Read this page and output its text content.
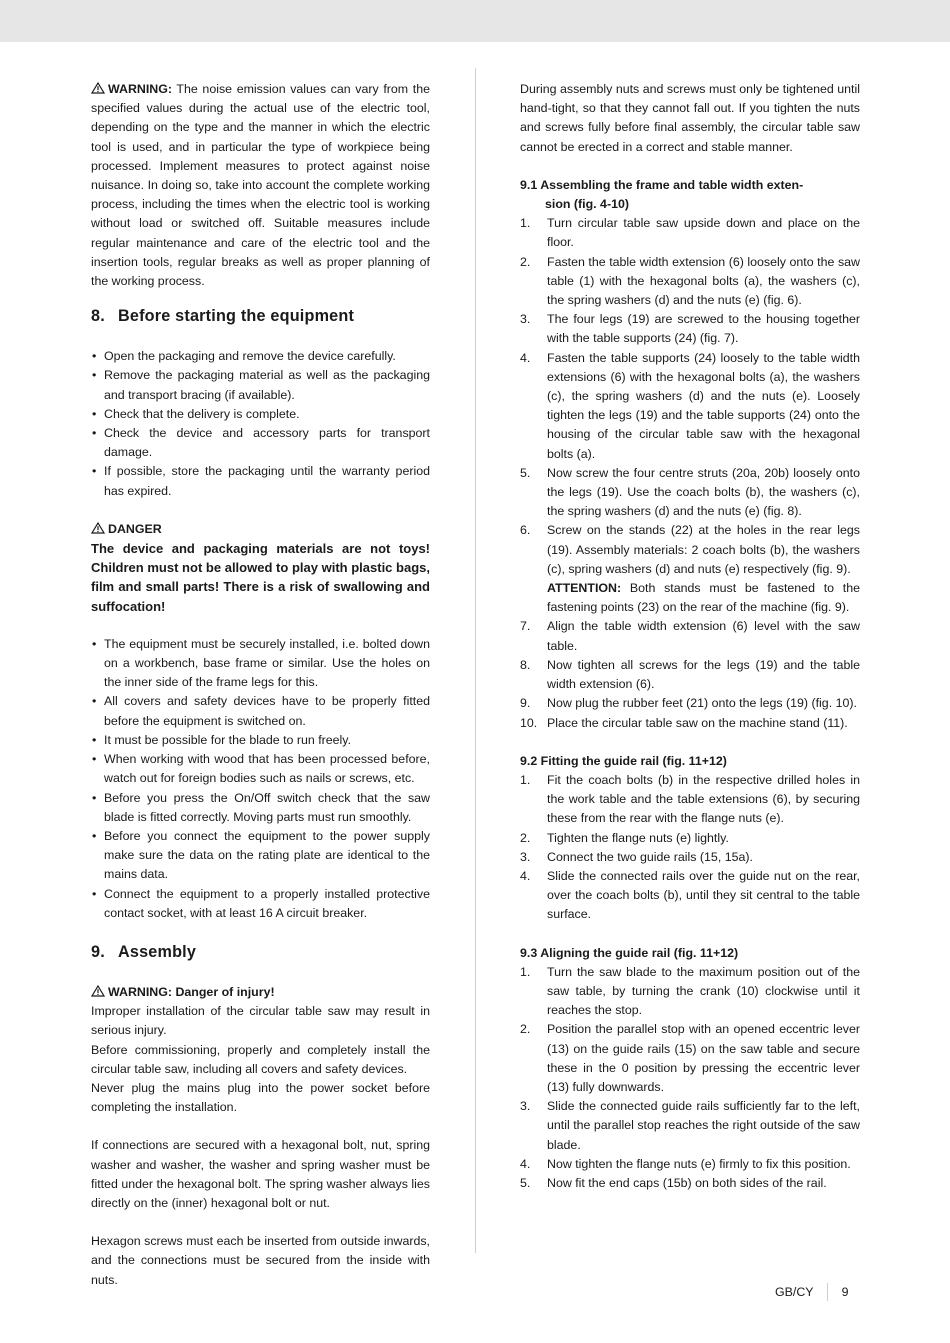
WARNING: The noise emission values can vary from the specified values during the actual use of the electric tool, depending on the type and the manner in which the electric tool is used, and in particular the type of workpiece being processed. Implement measures to protect against noise nuisance. In doing so, take into account the complete working process, including the times when the electric tool is working without load or switched off. Suitable measures include regular maintenance and care of the electric tool and the insertion tools, regular breaks as well as proper planning of the working process.

8. Before starting the equipment
• Open the packaging and remove the device carefully.
• Remove the packaging material as well as the packaging and transport bracing (if available).
• Check that the delivery is complete.
• Check the device and accessory parts for transport damage.
• If possible, store the packaging until the warranty period has expired.
DANGER

The device and packaging materials are not toys! Children must not be allowed to play with plastic bags, film and small parts! There is a risk of swallowing and suffocation!

• The equipment must be securely installed, i.e. bolted down on a workbench, base frame or similar. Use the holes on the inner side of the frame legs for this.
• All covers and safety devices have to be properly fitted before the equipment is switched on.
• It must be possible for the blade to run freely.
• When working with wood that has been processed before, watch out for foreign bodies such as nails or screws, etc.
• Before you press the On/Off switch check that the saw blade is fitted correctly. Moving parts must run smoothly.
• Before you connect the equipment to the power supply make sure the data on the rating plate are identical to the mains data.
• Connect the equipment to a properly installed protective contact socket, with at least 16 A circuit breaker.
9. Assembly
WARNING: Danger of injury!

Improper installation of the circular table saw may result in serious injury.

Before commissioning, properly and completely install the circular table saw, including all covers and safety devices.

Never plug the mains plug into the power socket before completing the installation.

If connections are secured with a hexagonal bolt, nut, spring washer and washer, the washer and spring washer must be fitted under the hexagonal bolt. The spring washer always lies directly on the (inner) hexagonal bolt or nut.

Hexagon screws must each be inserted from outside inwards, and the connections must be secured from the inside with nuts.

During assembly nuts and screws must only be tightened until hand-tight, so that they cannot fall out. If you tighten the nuts and screws fully before final assembly, the circular table saw cannot be erected in a correct and stable manner.

9.1 Assembling the frame and table width exten-
sion (fig. 4-10)
1. Turn circular table saw upside down and place on the floor.
2. Fasten the table width extension (6) loosely onto the saw table (1) with the hexagonal bolts (a), the washers (c), the spring washers (d) and the nuts (e) (fig. 6).
3. The four legs (19) are screwed to the housing together with the table supports (24) (fig. 7).
4. Fasten the table supports (24) loosely to the table width extensions (6) with the hexagonal bolts (a), the washers (c), the spring washers (d) and the nuts (e). Loosely tighten the legs (19) and the table supports (24) onto the housing of the circular table saw with the hexagonal bolts (a).
5. Now screw the four centre struts (20a, 20b) loosely onto the legs (19). Use the coach bolts (b), the washers (c), the spring washers (d) and the nuts (e) (fig. 8).
6. Screw on the stands (22) at the holes in the rear legs (19). Assembly materials: 2 coach bolts (b), the washers (c), spring washers (d) and nuts (e) respectively (fig. 9).
ATTENTION: Both stands must be fastened to the fastening points (23) on the rear of the machine (fig. 9).
7. Align the table width extension (6) level with the saw table.
8. Now tighten all screws for the legs (19) and the table width extension (6).
9. Now plug the rubber feet (21) onto the legs (19) (fig. 10).
10. Place the circular table saw on the machine stand (11).
9.2 Fitting the guide rail (fig. 11+12)
1. Fit the coach bolts (b) in the respective drilled holes in the work table and the table extensions (6), by securing these from the rear with the flange nuts (e).
2. Tighten the flange nuts (e) lightly.
3. Connect the two guide rails (15, 15a).
4. Slide the connected rails over the guide nut on the rear, over the coach bolts (b), until they sit central to the table surface.
9.3 Aligning the guide rail (fig. 11+12)
1. Turn the saw blade to the maximum position out of the saw table, by turning the crank (10) clockwise until it reaches the stop.
2. Position the parallel stop with an opened eccentric lever (13) on the guide rails (15) on the saw table and secure these in the 0 position by pressing the eccentric lever (13) fully downwards.
3. Slide the connected guide rails sufficiently far to the left, until the parallel stop reaches the right outside of the saw blade.
4. Now tighten the flange nuts (e) firmly to fix this position.
5. Now fit the end caps (15b) on both sides of the rail.
GB/CY 9
